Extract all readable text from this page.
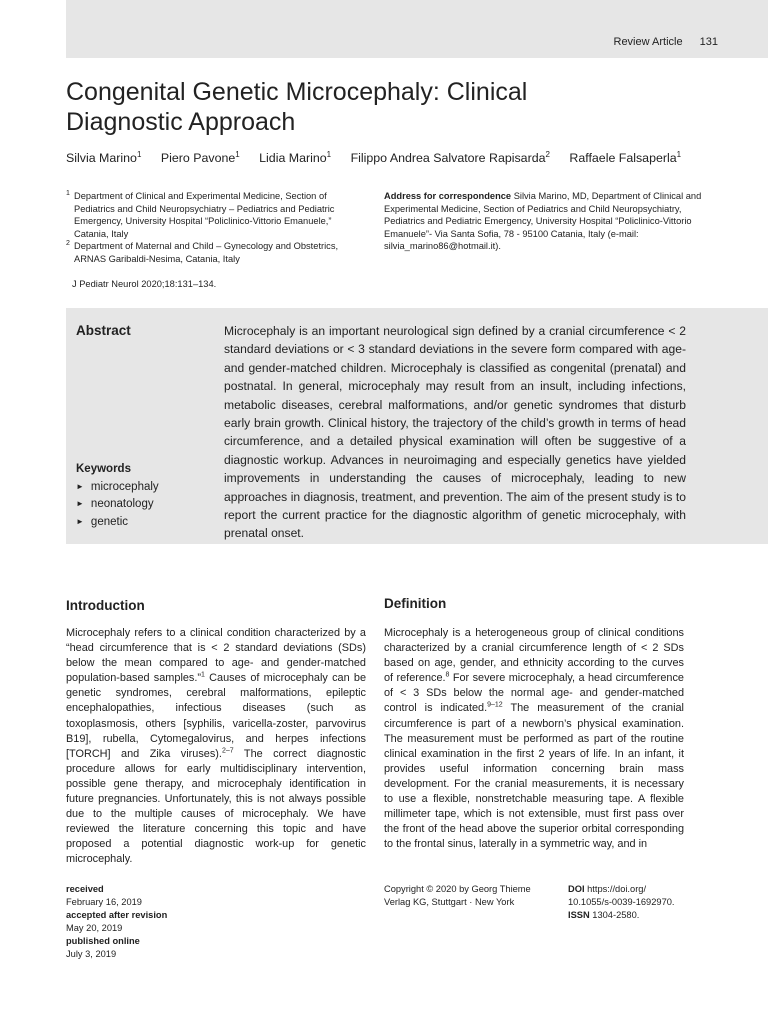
Review Article 131
Congenital Genetic Microcephaly: Clinical
Diagnostic Approach
Silvia Marino$^1$ Piero Pavone$^1$ Lidia Marino$^1$ Filippo Andrea Salvatore Rapisarda$^2$ Raffaele Falsaperla$^1$
1 Department of Clinical and Experimental Medicine, Section of Pediatrics and Child Neuropsychiatry – Pediatrics and Pediatric Emergency, University Hospital “Policlinico-Vittorio Emanuele,” Catania, Italy
2 Department of Maternal and Child – Gynecology and Obstetrics, ARNAS Garibaldi-Nesima, Catania, Italy
Address for correspondence Silvia Marino, MD, Department of Clinical and Experimental Medicine, Section of Pediatrics and Child Neuropsychiatry, Pediatrics and Pediatric Emergency, University Hospital “Policlinico-Vittorio Emanuele”- Via Santa Sofia, 78 - 95100 Catania, Italy (e-mail: silvia_marino86@hotmail.it).
J Pediatr Neurol 2020;18:131–134.
Abstract	Microcephaly is an important neurological sign defined by a cranial circumference < 2 standard deviations or < 3 standard deviations in the severe form compared with age- and gender-matched children. Microcephaly is classified as congenital (prenatal) and postnatal. In general, microcephaly may result from an insult, including infections, metabolic diseases, cerebral malformations, and/or genetic syndromes that disturb early brain growth. Clinical history, the trajectory of the child’s growth in terms of head circumference, and a detailed physical examination will often be suggestive of a diagnostic workup. Advances in neuroimaging and especially genetics have yielded improvements in understanding the causes of microcephaly, leading to new approaches in diagnosis, treatment, and prevention. The aim of the present study is to report the current practice for the diagnostic algorithm of genetic microcephaly, with prenatal onset.

Keywords
► microcephaly
► neonatology
► genetic
Introduction

Microcephaly refers to a clinical condition characterized by a “head circumference that is < 2 standard deviations (SDs) below the mean compared to age- and gender-matched population-based samples.”$^1$ Causes of microcephaly can be genetic syndromes, cerebral malformations, epileptic encephalopathies, infectious diseases (such as toxoplasmosis, others [syphilis, varicella-zoster, parvovirus B19], rubella, Cytomegalovirus, and herpes infections [TORCH] and Zika viruses).$^{2-7}$ The correct diagnostic procedure allows for early multidisciplinary intervention, possible gene therapy, and microcephaly identification in future pregnancies. Unfortunately, this is not always possible due to the multiple causes of microcephaly. We have reviewed the literature concerning this topic and have proposed a potential diagnostic work-up for genetic microcephaly.

Definition

Microcephaly is a heterogeneous group of clinical conditions characterized by a cranial circumference length of < 2 SDs based on age, gender, and ethnicity according to the curves of reference.$^8$ For severe microcephaly, a head circumference of < 3 SDs below the normal age- and gender-matched control is indicated.$^{9-12}$ The measurement of the cranial circumference is part of a newborn’s physical examination. The measurement must be performed as part of the routine clinical examination in the first 2 years of life. In an infant, it provides useful information concerning brain mass development. For the cranial measurements, it is necessary to use a flexible, nonstretchable measuring tape. A flexible millimeter tape, which is not extensible, must first pass over the front of the head above the superior orbital corresponding to the frontal sinus, laterally in a symmetric way, and in

received
February 16, 2019
accepted after revision
May 20, 2019
published online
July 3, 2019
Copyright © 2020 by Georg Thieme
Verlag KG, Stuttgart · New York
DOI https://doi.org/
10.1055/s-0039-1692970.
ISSN 1304-2580.
